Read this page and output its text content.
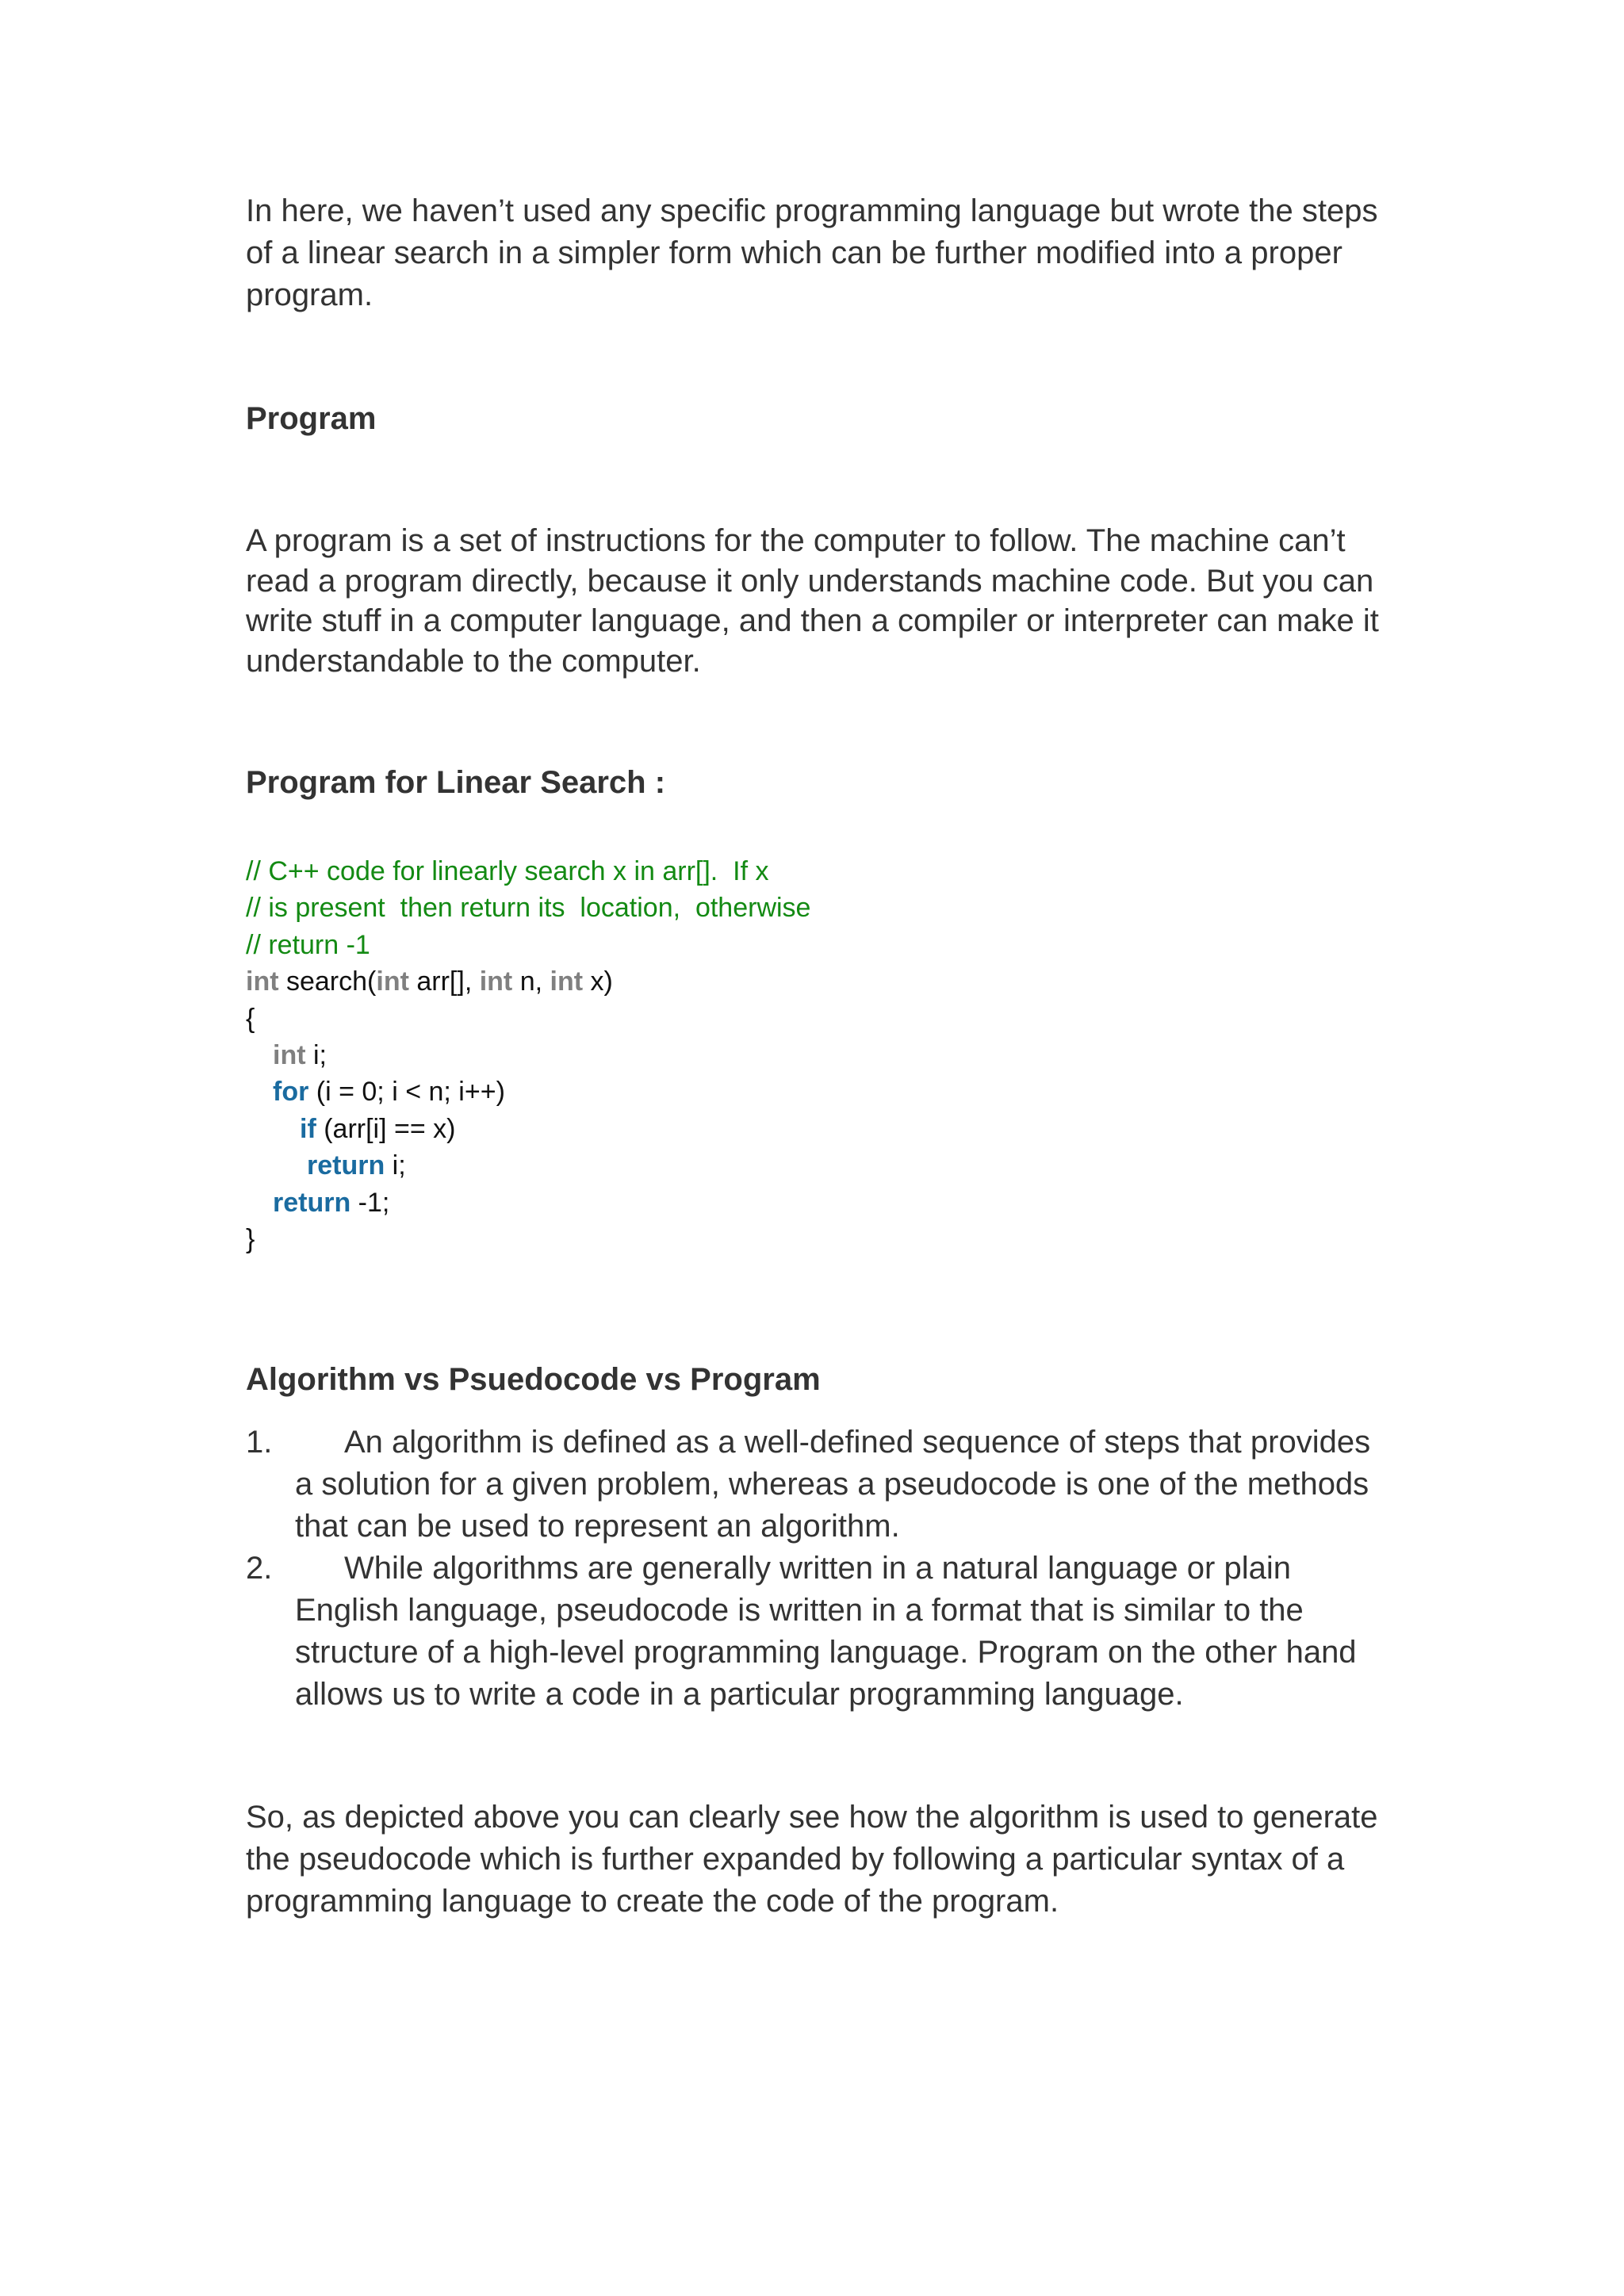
In here, we haven’t used any specific programming language but wrote the steps of a linear search in a simpler form which can be further modified into a proper program.

Program

A program is a set of instructions for the computer to follow. The machine can’t read a program directly, because it only understands machine code. But you can write stuff in a computer language, and then a compiler or interpreter can make it understandable to the computer.

Program for Linear Search :

// C++ code for linearly search x in arr[].  If x
// is present  then return its  location,  otherwise
// return -1
int search(int arr[], int n, int x)
{
int i;
for (i = 0; i < n; i++)
if (arr[i] == x)
return i;
return -1;
}

Algorithm vs Psuedocode vs Program

1. An algorithm is defined as a well-defined sequence of steps that provides a solution for a given problem, whereas a pseudocode is one of the methods that can be used to represent an algorithm.
2. While algorithms are generally written in a natural language or plain English language, pseudocode is written in a format that is similar to the structure of a high-level programming language. Program on the other hand allows us to write a code in a particular programming language.

So, as depicted above you can clearly see how the algorithm is used to generate the pseudocode which is further expanded by following a particular syntax of a programming language to create the code of the program.
